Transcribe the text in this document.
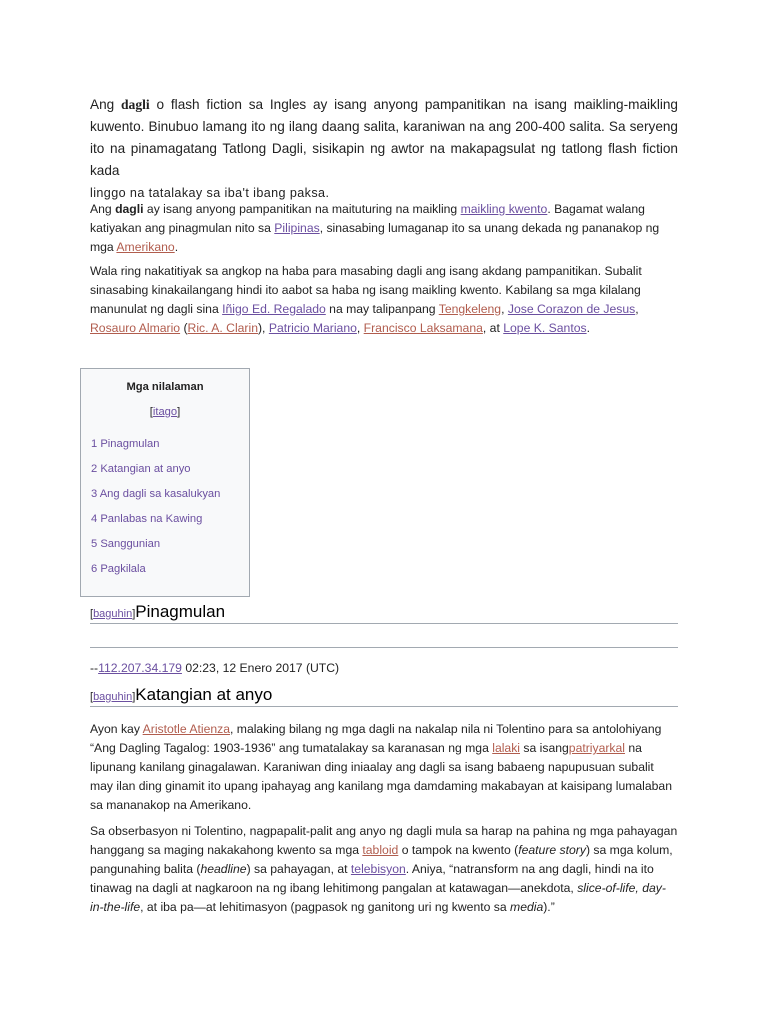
Ang dagli o flash fiction sa Ingles ay isang anyong pampanitikan na isang maikling-maikling kuwento. Binubuo lamang ito ng ilang daang salita, karaniwan na ang 200-400 salita. Sa seryeng ito na pinamagatang Tatlong Dagli, sisikapin ng awtor na makapagsulat ng tatlong flash fiction kada
linggo na tatalakay sa iba't ibang paksa.

Ang dagli ay isang anyong pampanitikan na maituturing na maikling maikling kwento. Bagamat walang katiyakan ang pinagmulan nito sa Pilipinas, sinasabing lumaganap ito sa unang dekada ng pananakop ng mga Amerikano.

Wala ring nakatitiyak sa angkop na haba para masabing dagli ang isang akdang pampanitikan. Subalit sinasabing kinakailangang hindi ito aabot sa haba ng isang maikling kwento. Kabilang sa mga kilalang manunulat ng dagli sina Iñigo Ed. Regalado na may talipanpang Tengkeleng, Jose Corazon de Jesus, Rosauro Almario (Ric. A. Clarin), Patricio Mariano, Francisco Laksamana, at Lope K. Santos.

Mga nilalaman
[itago]
1 Pinagmulan
2 Katangian at anyo
3 Ang dagli sa kasalukyan
4 Panlabas na Kawing
5 Sanggunian
6 Pagkilala
[baguhin]Pinagmulan
--112.207.34.179 02:23, 12 Enero 2017 (UTC)
[baguhin]Katangian at anyo

Ayon kay Aristotle Atienza, malaking bilang ng mga dagli na nakalap nila ni Tolentino para sa antolohiyang “Ang Dagling Tagalog: 1903-1936” ang tumatalakay sa karanasan ng mga lalaki sa isangpatriyarkal na lipunang kanilang ginagalawan. Karaniwan ding iniaalay ang dagli sa isang babaeng napupusuan subalit may ilan ding ginamit ito upang ipahayag ang kanilang mga damdaming makabayan at kaisipang lumalaban sa mananakop na Amerikano.

Sa obserbasyon ni Tolentino, nagpapalit-palit ang anyo ng dagli mula sa harap na pahina ng mga pahayagan hanggang sa maging nakakahong kwento sa mga tabloid o tampok na kwento (feature story) sa mga kolum, pangunahing balita (headline) sa pahayagan, at telebisyon. Aniya, “natransform na ang dagli, hindi na ito tinawag na dagli at nagkaroon na ng ibang lehitimong pangalan at katawagan—anekdota, slice-of-life, day-in-the-life, at iba pa—at lehitimasyon (pagpasok ng ganitong uri ng kwento sa media).”
